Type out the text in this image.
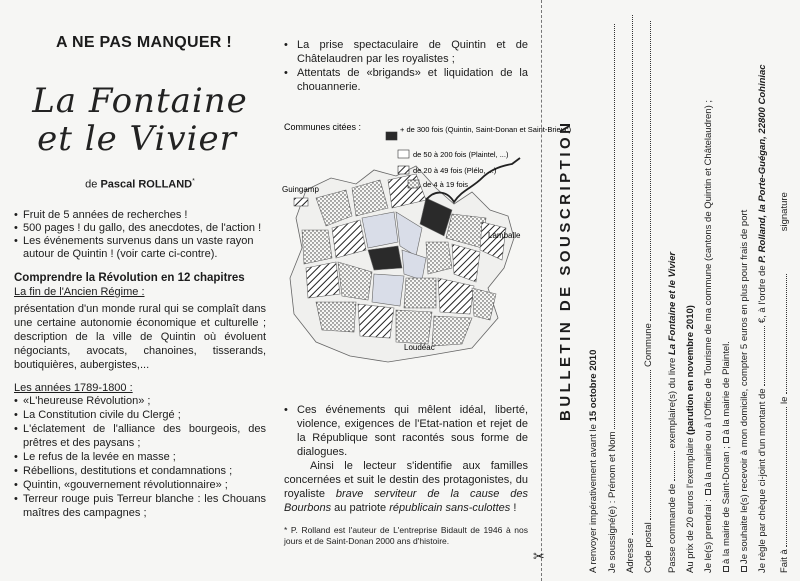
A NE PAS MANQUER !
La Fontaine
et le Vivier
de Pascal ROLLAND*
• Fruit de 5 années de recherches !
• 500 pages ! du gallo, des anecdotes, de l'action !
• Les événements survenus dans un vaste rayon autour de Quintin ! (voir carte ci-contre).
Comprendre la Révolution en 12 chapitres
La fin de l'Ancien Régime :
présentation d'un monde rural qui se complaît dans une certaine autonomie économique et culturelle ; description de la ville de Quintin où évoluent négociants, avocats, chanoines, tisserands, boutiquières, aubergistes,...
Les années 1789-1800 :
• «L'heureuse Révolution» ;
• La Constitution civile du Clergé ;
• L'éclatement de l'alliance des bourgeois, des prêtres et des paysans ;
• Le refus de la levée en masse ;
• Rébellions, destitutions et condamnations ;
• Quintin, «gouvernement révolutionnaire» ;
• Terreur rouge puis Terreur blanche : les Chouans maîtres des campagnes ;
• La prise spectaculaire de Quintin et de Châtelaudren par les royalistes ;
• Attentats de «brigands» et liquidation de la chouannerie.
Communes citées :	+ de 300 fois (Quintin, Saint-Donan et Saint-Brieuc)
de 50 à 200 fois (Plaintel, ...)
de 20 à 49 fois (Plélo, ...)
de 4 à 19 fois
Guingamp
Lamballe
Loudéac
• Ces événements qui mêlent idéal, liberté, violence, exigences de l'Etat-nation et rejet de la République sont racontés sous forme de dialogues.
Ainsi le lecteur s'identifie aux familles concernées et suit le destin des protagonistes, du royaliste brave serviteur de la cause des Bourbons au patriote républicain sans-culottes !
* P. Rolland est l'auteur de L'entreprise Bidault de 1946 à nos jours et de Saint-Donan 2000 ans d'histoire.
✂
BULLETIN DE SOUSCRIPTION
A renvoyer impérativement avant le 15 octobre 2010
Je soussigné(e) : Prénom et Nom Adresse Code postal  Commune
Passe commande de  exemplaire(s) du livre La Fontaine et le Vivier
Au prix de 20 euros l'exemplaire (parution en novembre 2010)
Je le(s) prendrai : à la mairie ou à l'Office de Tourisme de ma commune (cantons de Quintin et Châtelaudren) ;
à la mairie de Saint-Donan ; à la mairie de Plaintel. Je souhaite le(s) recevoir à mon domicile, compter 5 euros en plus pour frais de port Je règle par chèque ci-joint d'un montant de  €, à l'ordre de P. Rolland, la Porte-Guégan, 22800 Cohiniac
Fait à  le  signature
